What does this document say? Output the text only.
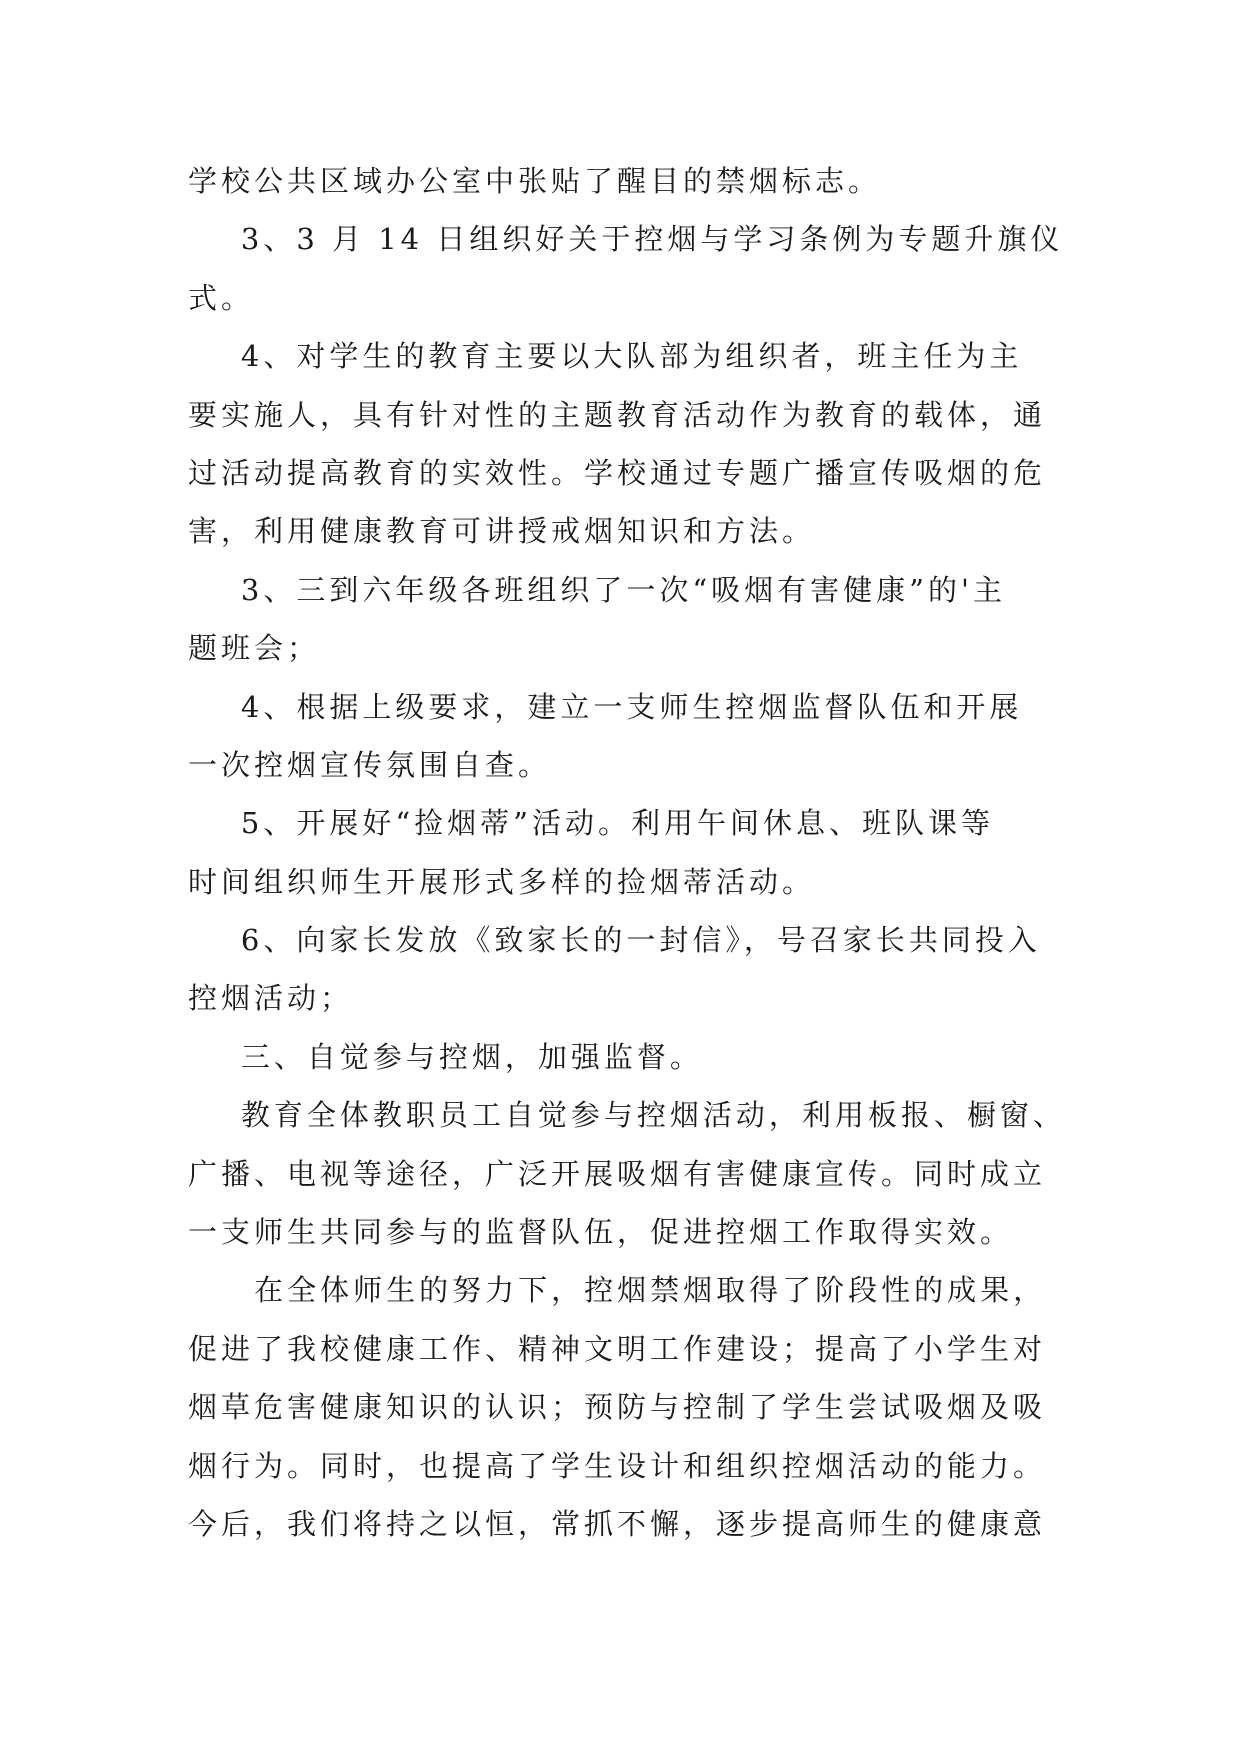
学校公共区域办公室中张贴了醒目的禁烟标志。
3、3 月 14 日组织好关于控烟与学习条例为专题升旗仪
式。
4、对学生的教育主要以大队部为组织者，班主任为主
要实施人，具有针对性的主题教育活动作为教育的载体，通
过活动提高教育的实效性。学校通过专题广播宣传吸烟的危
害，利用健康教育可讲授戒烟知识和方法。
3、三到六年级各班组织了一次“吸烟有害健康”的'主
题班会；
4、根据上级要求，建立一支师生控烟监督队伍和开展
一次控烟宣传氛围自查。
5、开展好“捡烟蒂”活动。利用午间休息、班队课等
时间组织师生开展形式多样的捡烟蒂活动。
6、向家长发放《致家长的一封信》，号召家长共同投入
控烟活动；
三、自觉参与控烟，加强监督。
教育全体教职员工自觉参与控烟活动，利用板报、橱窗、
广播、电视等途径，广泛开展吸烟有害健康宣传。同时成立
一支师生共同参与的监督队伍，促进控烟工作取得实效。
在全体师生的努力下，控烟禁烟取得了阶段性的成果，
促进了我校健康工作、精神文明工作建设；提高了小学生对
烟草危害健康知识的认识；预防与控制了学生尝试吸烟及吸
烟行为。同时，也提高了学生设计和组织控烟活动的能力。
今后，我们将持之以恒，常抓不懈，逐步提高师生的健康意
